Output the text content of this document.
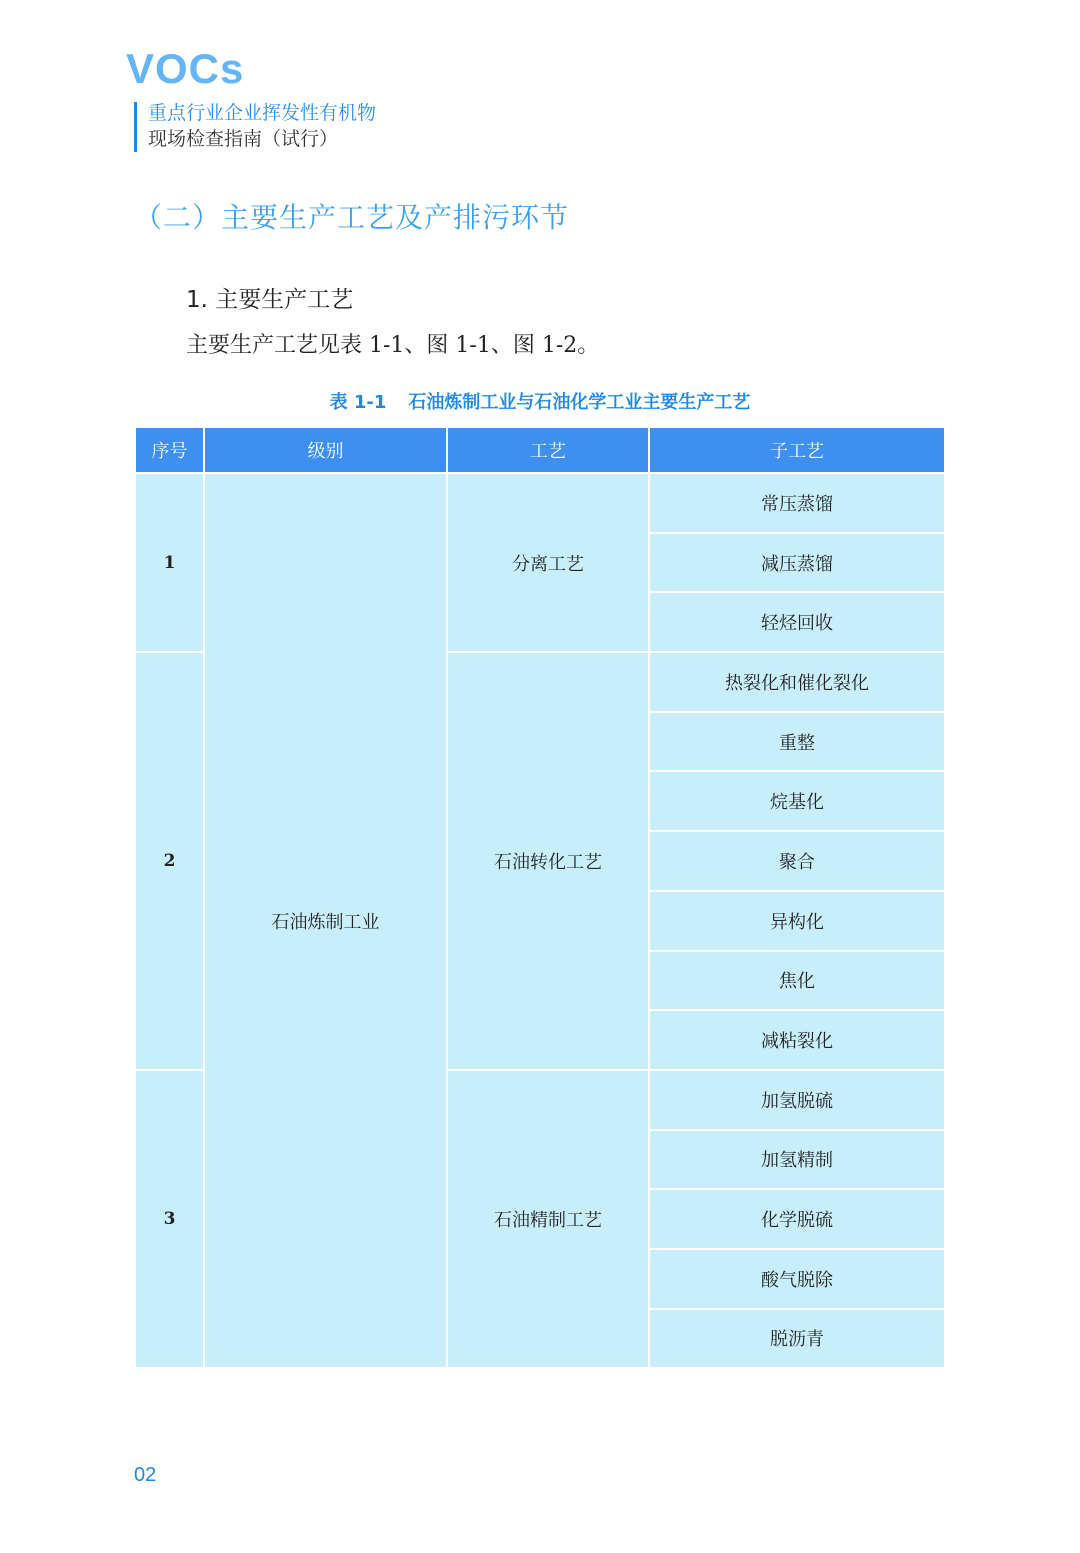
VOCs
重点行业企业挥发性有机物
现场检查指南（试行）
（二）主要生产工艺及产排污环节
1. 主要生产工艺
主要生产工艺见表 1-1、图 1-1、图 1-2。
表 1-1 石油炼制工业与石油化学工业主要生产工艺
序号	级别	工艺	子工艺
1	石油炼制工业	分离工艺	常压蒸馏
			减压蒸馏
			轻烃回收
2		石油转化工艺	热裂化和催化裂化
			重整
			烷基化
			聚合
			异构化
			焦化
			减粘裂化
3		石油精制工艺	加氢脱硫
			加氢精制
			化学脱硫
			酸气脱除
			脱沥青
02
